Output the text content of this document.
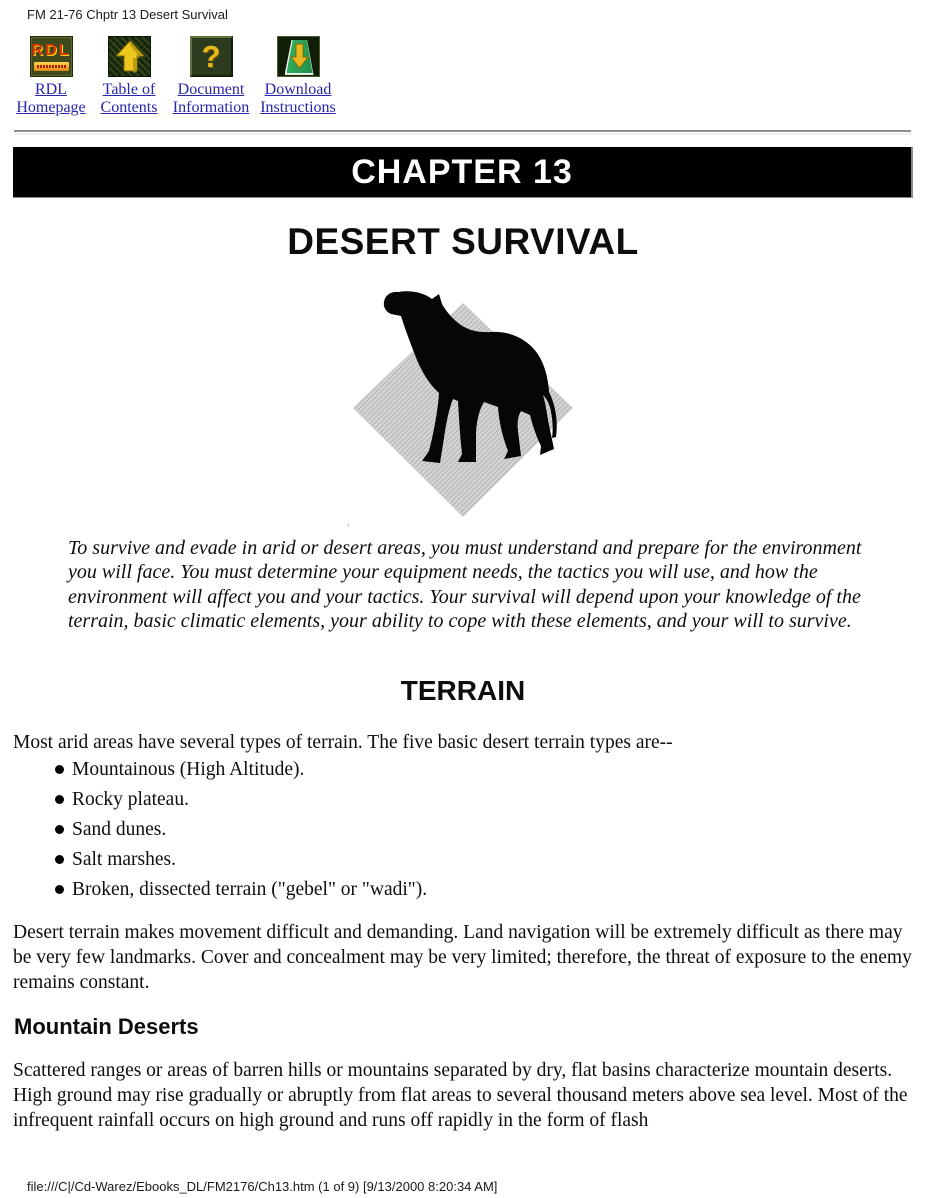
FM 21-76 Chptr 13 Desert Survival
RDL
RDL
Homepage
Table of
Contents
?
Document
Information
Download
Instructions
CHAPTER 13
DESERT SURVIVAL
.
To survive and evade in arid or desert areas, you must understand and prepare for the environment you will face. You must determine your equipment needs, the tactics you will use, and how the environment will affect you and your tactics. Your survival will depend upon your knowledge of the terrain, basic climatic elements, your ability to cope with these elements, and your will to survive.
TERRAIN
Most arid areas have several types of terrain. The five basic desert terrain types are--
Mountainous (High Altitude).
Rocky plateau.
Sand dunes.
Salt marshes.
Broken, dissected terrain ("gebel" or "wadi").
Desert terrain makes movement difficult and demanding. Land navigation will be extremely difficult as there may be very few landmarks. Cover and concealment may be very limited; therefore, the threat of exposure to the enemy remains constant.
Mountain Deserts
Scattered ranges or areas of barren hills or mountains separated by dry, flat basins characterize mountain deserts. High ground may rise gradually or abruptly from flat areas to several thousand meters above sea level. Most of the infrequent rainfall occurs on high ground and runs off rapidly in the form of flash
file:///C|/Cd-Warez/Ebooks_DL/FM2176/Ch13.htm (1 of 9) [9/13/2000 8:20:34 AM]
